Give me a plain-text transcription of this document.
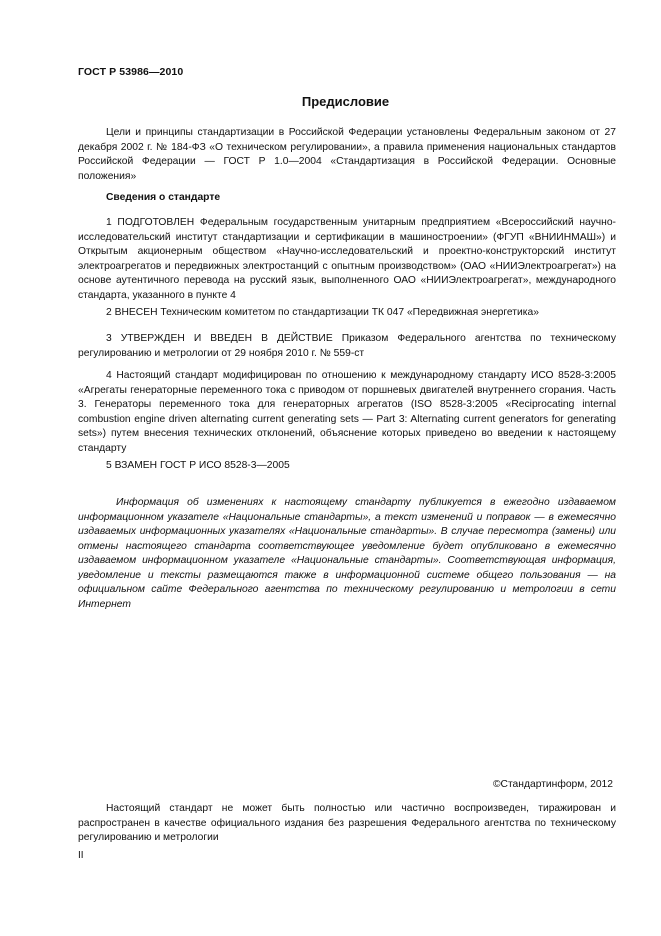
ГОСТ Р 53986—2010
Предисловие
Цели и принципы стандартизации в Российской Федерации установлены Федеральным законом от 27 декабря 2002 г. № 184-ФЗ «О техническом регулировании», а правила применения национальных стандартов Российской Федерации — ГОСТ Р 1.0—2004 «Стандартизация в Российской Федерации. Основные положения»
Сведения о стандарте
1 ПОДГОТОВЛЕН Федеральным государственным унитарным предприятием «Всероссийский научно-исследовательский институт стандартизации и сертификации в машиностроении» (ФГУП «ВНИИНМАШ») и Открытым акционерным обществом «Научно-исследовательский и проектно-конструкторский институт электроагрегатов и передвижных электростанций с опытным производством» (ОАО «НИИЭлектроагрегат») на основе аутентичного перевода на русский язык, выполненного ОАО «НИИЭлектроагрегат», международного стандарта, указанного в пункте 4
2 ВНЕСЕН Техническим комитетом по стандартизации ТК 047 «Передвижная энергетика»
3 УТВЕРЖДЕН И ВВЕДЕН В ДЕЙСТВИЕ Приказом Федерального агентства по техническому регулированию и метрологии от 29 ноября 2010 г. № 559-ст
4 Настоящий стандарт модифицирован по отношению к международному стандарту ИСО 8528-3:2005 «Агрегаты генераторные переменного тока с приводом от поршневых двигателей внутреннего сгорания. Часть 3. Генераторы переменного тока для генераторных агрегатов (ISO 8528-3:2005 «Reciprocating internal combustion engine driven alternating current generating sets — Part 3: Alternating current generators for generating sets») путем внесения технических отклонений, объяснение которых приведено во введении к настоящему стандарту
5 ВЗАМЕН ГОСТ Р ИСО 8528-3—2005
Информация об изменениях к настоящему стандарту публикуется в ежегодно издаваемом информационном указателе «Национальные стандарты», а текст изменений и поправок — в ежемесячно издаваемых информационных указателях «Национальные стандарты». В случае пересмотра (замены) или отмены настоящего стандарта соответствующее уведомление будет опубликовано в ежемесячно издаваемом информационном указателе «Национальные стандарты». Соответствующая информация, уведомление и тексты размещаются также в информационной системе общего пользования — на официальном сайте Федерального агентства по техническому регулированию и метрологии в сети Интернет
©Стандартинформ, 2012
Настоящий стандарт не может быть полностью или частично воспроизведен, тиражирован и распространен в качестве официального издания без разрешения Федерального агентства по техническому регулированию и метрологии
II
